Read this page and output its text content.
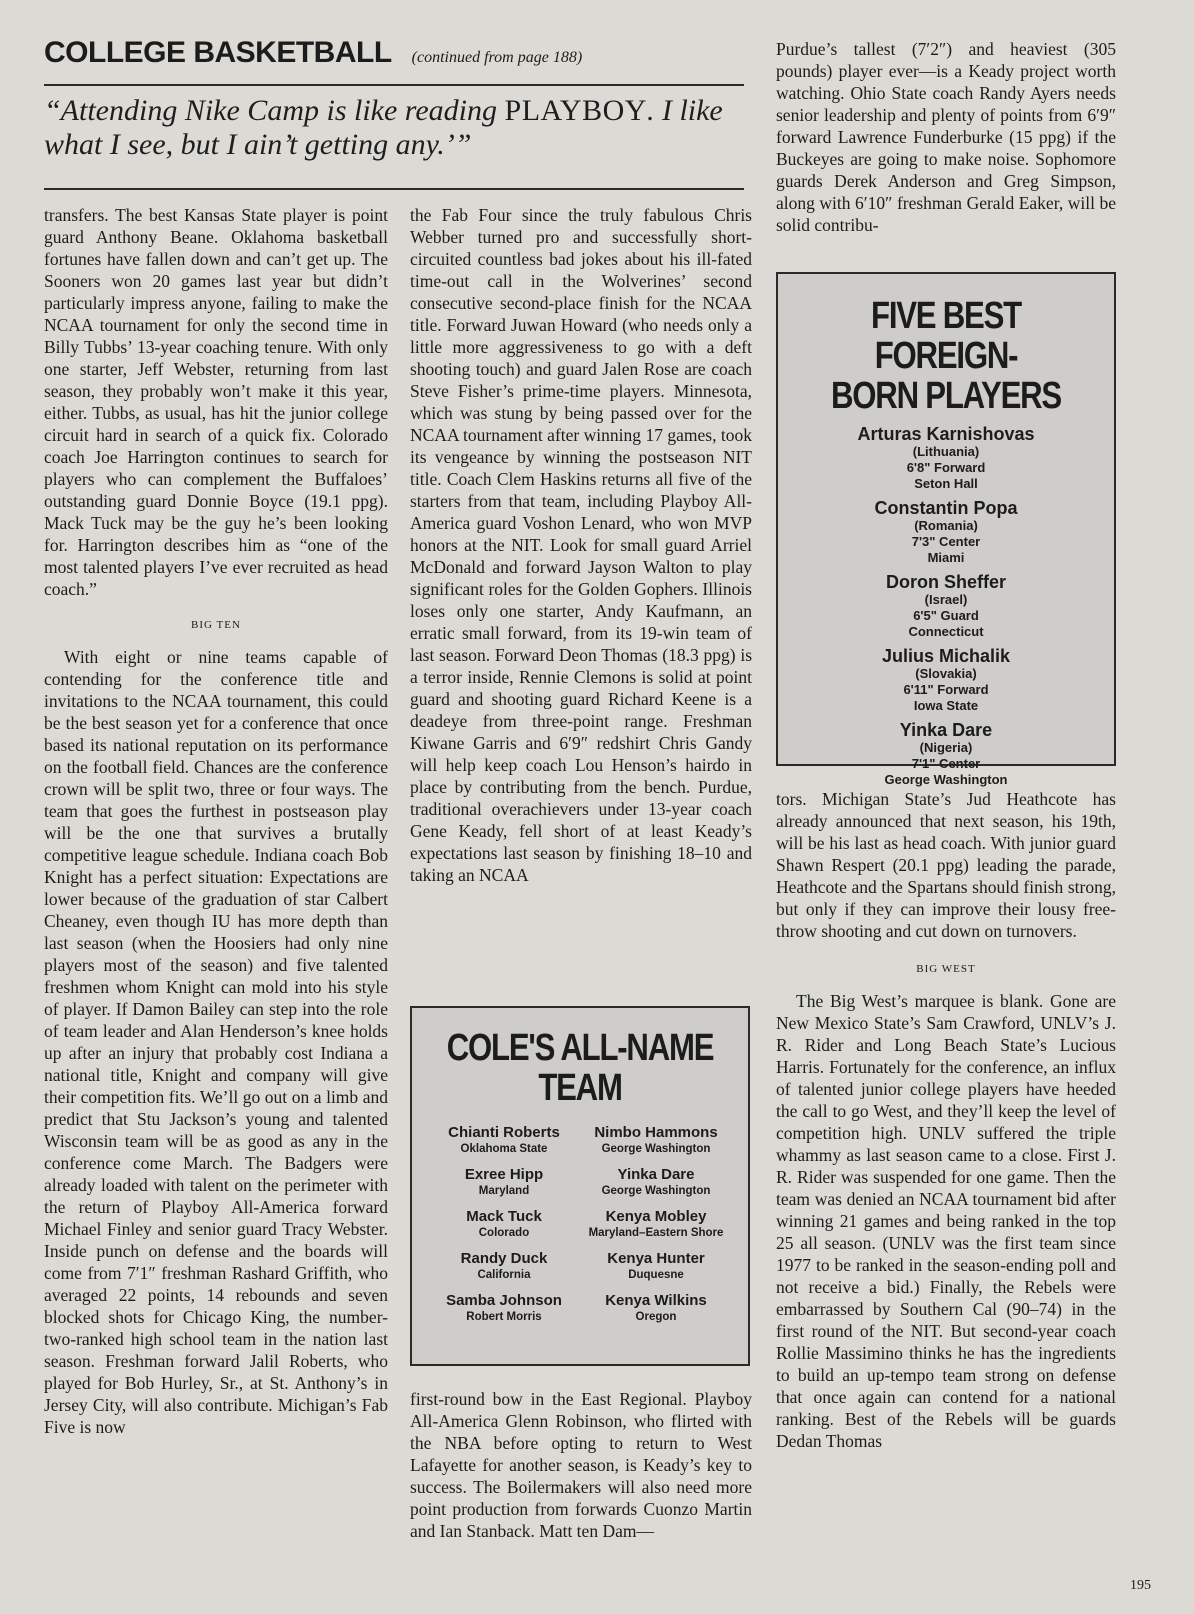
COLLEGE BASKETBALL (continued from page 188)
“Attending Nike Camp is like reading PLAYBOY. I like what I see, but I ain’t getting any.’”

transfers. The best Kansas State player is point guard Anthony Beane. Oklahoma basketball fortunes have fallen down and can’t get up. The Sooners won 20 games last year but didn’t particularly impress anyone, failing to make the NCAA tournament for only the second time in Billy Tubbs’ 13-year coaching tenure. With only one starter, Jeff Webster, returning from last season, they probably won’t make it this year, either. Tubbs, as usual, has hit the junior college circuit hard in search of a quick fix. Colorado coach Joe Harrington continues to search for players who can complement the Buffaloes’ outstanding guard Donnie Boyce (19.1 ppg). Mack Tuck may be the guy he’s been looking for. Harrington describes him as “one of the most talented players I’ve ever recruited as head coach.”

BIG TEN

With eight or nine teams capable of contending for the conference title and invitations to the NCAA tournament, this could be the best season yet for a conference that once based its national reputation on its performance on the football field. Chances are the conference crown will be split two, three or four ways. The team that goes the furthest in postseason play will be the one that survives a brutally competitive league schedule. Indiana coach Bob Knight has a perfect situation: Expectations are lower because of the graduation of star Calbert Cheaney, even though IU has more depth than last season (when the Hoosiers had only nine players most of the season) and five talented freshmen whom Knight can mold into his style of player. If Damon Bailey can step into the role of team leader and Alan Henderson’s knee holds up after an injury that probably cost Indiana a national title, Knight and company will give their competition fits. We’ll go out on a limb and predict that Stu Jackson’s young and talented Wisconsin team will be as good as any in the conference come March. The Badgers were already loaded with talent on the perimeter with the return of Playboy All-America forward Michael Finley and senior guard Tracy Webster. Inside punch on defense and the boards will come from 7′1″ freshman Rashard Griffith, who averaged 22 points, 14 rebounds and seven blocked shots for Chicago King, the number-two-ranked high school team in the nation last season. Freshman forward Jalil Roberts, who played for Bob Hurley, Sr., at St. Anthony’s in Jersey City, will also contribute. Michigan’s Fab Five is now

the Fab Four since the truly fabulous Chris Webber turned pro and successfully short-circuited countless bad jokes about his ill-fated time-out call in the Wolverines’ second consecutive second-place finish for the NCAA title. Forward Juwan Howard (who needs only a little more aggressiveness to go with a deft shooting touch) and guard Jalen Rose are coach Steve Fisher’s prime-time players. Minnesota, which was stung by being passed over for the NCAA tournament after winning 17 games, took its vengeance by winning the postseason NIT title. Coach Clem Haskins returns all five of the starters from that team, including Playboy All-America guard Voshon Lenard, who won MVP honors at the NIT. Look for small guard Arriel McDonald and forward Jayson Walton to play significant roles for the Golden Gophers. Illinois loses only one starter, Andy Kaufmann, an erratic small forward, from its 19-win team of last season. Forward Deon Thomas (18.3 ppg) is a terror inside, Rennie Clemons is solid at point guard and shooting guard Richard Keene is a deadeye from three-point range. Freshman Kiwane Garris and 6′9″ redshirt Chris Gandy will help keep coach Lou Henson’s hairdo in place by contributing from the bench. Purdue, traditional overachievers under 13-year coach Gene Keady, fell short of at least Keady’s expectations last season by finishing 18–10 and taking an NCAA

first-round bow in the East Regional. Playboy All-America Glenn Robinson, who flirted with the NBA before opting to return to West Lafayette for another season, is Keady’s key to success. The Boilermakers will also need more point production from forwards Cuonzo Martin and Ian Stanback. Matt ten Dam—

COLE'S ALL-NAME
TEAM
Chianti Roberts
Oklahoma State
Nimbo Hammons
George Washington
Exree Hipp
Maryland
Yinka Dare
George Washington
Mack Tuck
Colorado
Kenya Mobley
Maryland–Eastern Shore
Randy Duck
California
Kenya Hunter
Duquesne
Samba Johnson
Robert Morris
Kenya Wilkins
Oregon

Purdue’s tallest (7′2″) and heaviest (305 pounds) player ever—is a Keady project worth watching. Ohio State coach Randy Ayers needs senior leadership and plenty of points from 6′9″ forward Lawrence Funderburke (15 ppg) if the Buckeyes are going to make noise. Sophomore guards Derek Anderson and Greg Simpson, along with 6′10″ freshman Gerald Eaker, will be solid contribu-

FIVE BEST FOREIGN-
BORN PLAYERS
Arturas Karnishovas
(Lithuania)
6'8" Forward
Seton Hall
Constantin Popa
(Romania)
7'3" Center
Miami
Doron Sheffer
(Israel)
6'5" Guard
Connecticut
Julius Michalik
(Slovakia)
6'11" Forward
Iowa State
Yinka Dare
(Nigeria)
7'1" Center
George Washington

tors. Michigan State’s Jud Heathcote has already announced that next season, his 19th, will be his last as head coach. With junior guard Shawn Respert (20.1 ppg) leading the parade, Heathcote and the Spartans should finish strong, but only if they can improve their lousy free-throw shooting and cut down on turnovers.

BIG WEST

The Big West’s marquee is blank. Gone are New Mexico State’s Sam Crawford, UNLV’s J. R. Rider and Long Beach State’s Lucious Harris. Fortunately for the conference, an influx of talented junior college players have heeded the call to go West, and they’ll keep the level of competition high. UNLV suffered the triple whammy as last season came to a close. First J. R. Rider was suspended for one game. Then the team was denied an NCAA tournament bid after winning 21 games and being ranked in the top 25 all season. (UNLV was the first team since 1977 to be ranked in the season-ending poll and not receive a bid.) Finally, the Rebels were embarrassed by Southern Cal (90–74) in the first round of the NIT. But second-year coach Rollie Massimino thinks he has the ingredients to build an up-tempo team strong on defense that once again can contend for a national ranking. Best of the Rebels will be guards Dedan Thomas

195
